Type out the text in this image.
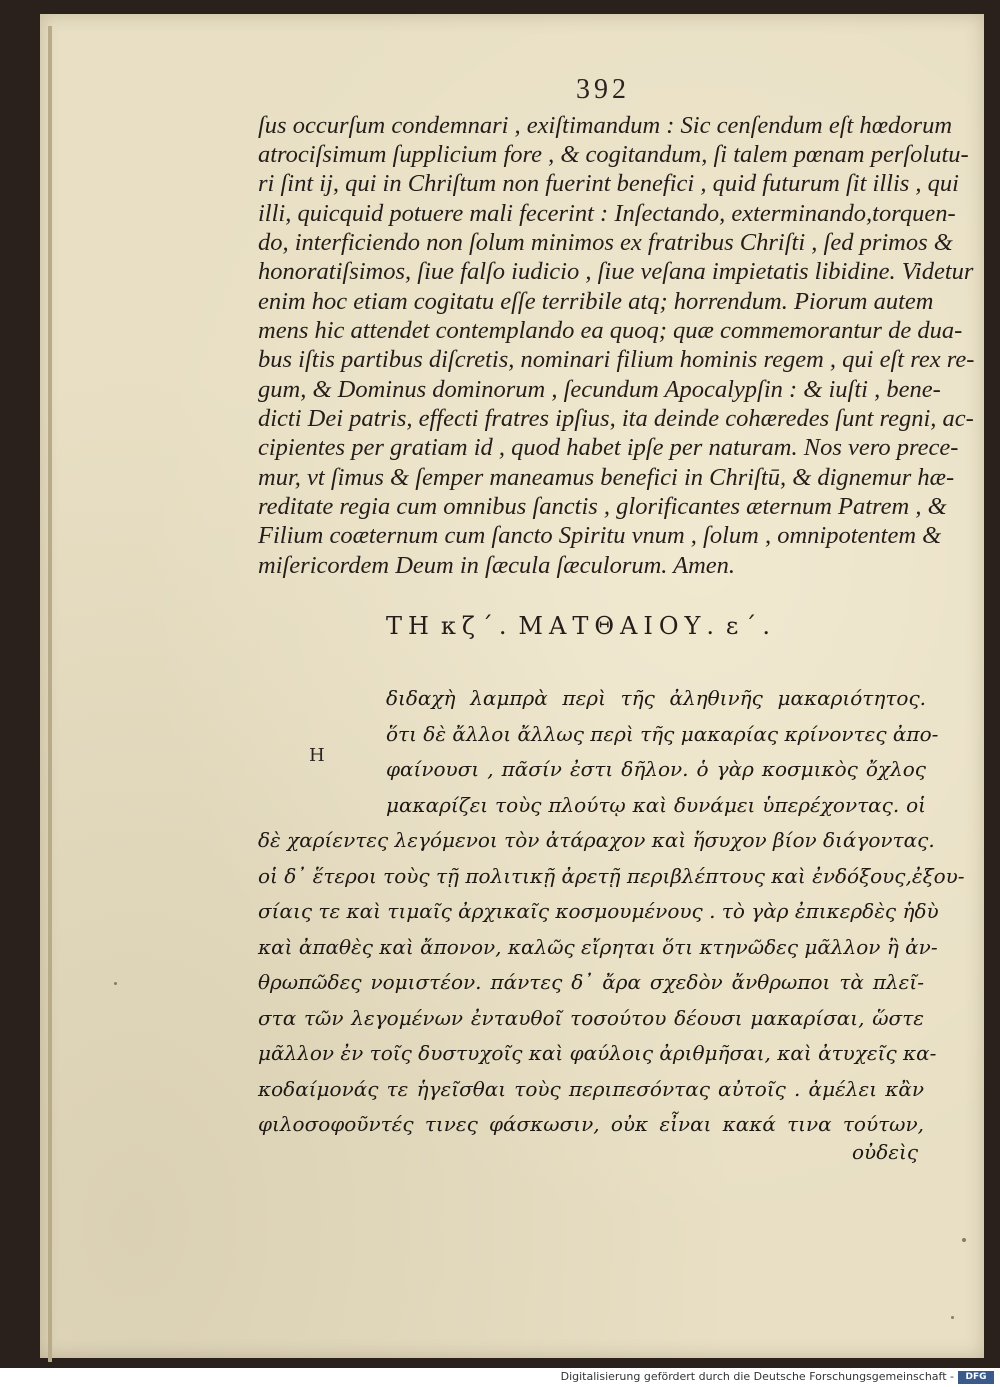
392
ſus occurſum condemnari , exiſtimandum : Sic cenſendum eſt hœdorum
atrociſsimum ſupplicium fore , & cogitandum, ſi talem pœnam perſolutu-
ri ſint ij, qui in Chriſtum non fuerint benefici , quid futurum ſit illis , qui
illi, quicquid potuere mali fecerint : Inſectando, exterminando,torquen-
do, interficiendo non ſolum minimos ex fratribus Chriſti , ſed primos &
honoratiſsimos, ſiue falſo iudicio , ſiue veſana impietatis libidine. Videtur
enim hoc etiam cogitatu eſſe terribile atq; horrendum. Piorum autem
mens hic attendet contemplando ea quoq; quæ commemorantur de dua-
bus iſtis partibus diſcretis, nominari filium hominis regem , qui eſt rex re-
gum, & Dominus dominorum , ſecundum Apocalypſin : & iuſti , bene-
dicti Dei patris, effecti fratres ipſius, ita deinde cohæredes ſunt regni, ac-
cipientes per gratiam id , quod habet ipſe per naturam. Nos vero prece-
mur, vt ſimus & ſemper maneamus benefici in Chriſtū, & dignemur hæ-
reditate regia cum omnibus ſanctis , glorificantes æternum Patrem , &
Filium coæternum cum ſancto Spiritu vnum , ſolum , omnipotentem &
miſericordem Deum in ſæcula ſæculorum. Amen.
ΤΗ κζ΄. ΜΑΤΘΑΙΟΥ. ε΄.
Η
διδαχὴ λαμπρὰ περὶ τῆς ἀληθινῆς μακαριότητος.
ὅτι δὲ ἄλλοι ἄλλως περὶ τῆς μακαρίας κρίνοντες ἀπο-
φαίνουσι , πᾶσίν ἐστι δῆλον. ὁ γὰρ κοσμικὸς ὄχλος
μακαρίζει τοὺς πλούτῳ καὶ δυνάμει ὑπερέχοντας. οἱ
δὲ χαρίεντες λεγόμενοι τὸν ἀτάραχον καὶ ἥσυχον βίον διάγοντας.
οἱ δ᾽ ἕτεροι τοὺς τῇ πολιτικῇ ἀρετῇ περιβλέπτους καὶ ἐνδόξους,ἐξου-
σίαις τε καὶ τιμαῖς ἀρχικαῖς κοσμουμένους . τὸ γὰρ ἐπικερδὲς ἡδὺ
καὶ ἀπαθὲς καὶ ἄπονον, καλῶς εἴρηται ὅτι κτηνῶδες μᾶλλον ἢ ἀν-
θρωπῶδες νομιστέον. πάντες δ᾽ ἄρα σχεδὸν ἄνθρωποι τὰ πλεῖ-
στα τῶν λεγομένων ἐνταυθοῖ τοσούτου δέουσι μακαρίσαι, ὥστε
μᾶλλον ἐν τοῖς δυστυχοῖς καὶ φαύλοις ἀριθμῆσαι, καὶ ἀτυχεῖς κα-
κοδαίμονάς τε ἡγεῖσθαι τοὺς περιπεσόντας αὐτοῖς . ἀμέλει κἂν
φιλοσοφοῦντές τινες φάσκωσιν, οὐκ εἶναι κακά τινα τούτων,
οὐδεὶς
Digitalisierung gefördert durch die Deutsche Forschungsgemeinschaft -	DFG
